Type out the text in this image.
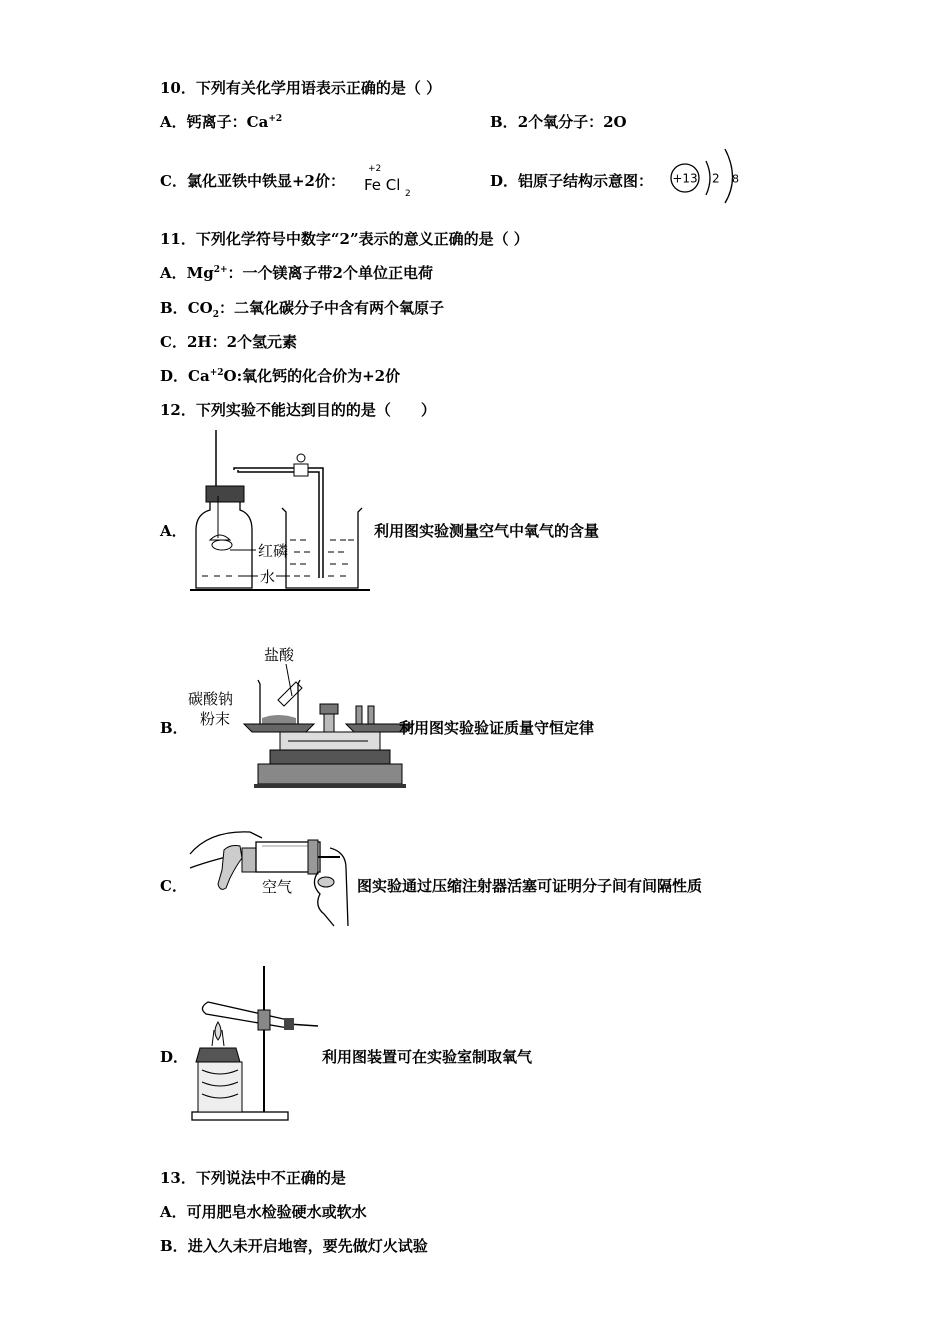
10．下列有关化学用语表示正确的是（ ）
A．钙离子：$Ca^{+2}$	B．2个氧分子：2O
C．氯化亚铁中铁显+2价：
+2
Fe Cl 2
D．铝原子结构示意图： +13 2 8
11．下列化学符号中数字“2”表示的意义正确的是（ ）
A．$Mg^{2+}$：一个镁离子带2个单位正电荷
B．$CO_2$：二氧化碳分子中含有两个氧原子
C．2H：2个氢元素
D．$Ca^{+2}O$:氧化钙的化合价为+2价
12．下列实验不能达到目的的是（　　）
A．
红磷
水
利用图实验测量空气中氧气的含量
B．
盐酸
碳酸钠
粉末	利用图实验验证质量守恒定律
C．	空气	图实验通过压缩注射器活塞可证明分子间有间隔性质
D．	利用图装置可在实验室制取氧气
13．下列说法中不正确的是
A．可用肥皂水检验硬水或软水
B．进入久未开启地窖，要先做灯火试验
